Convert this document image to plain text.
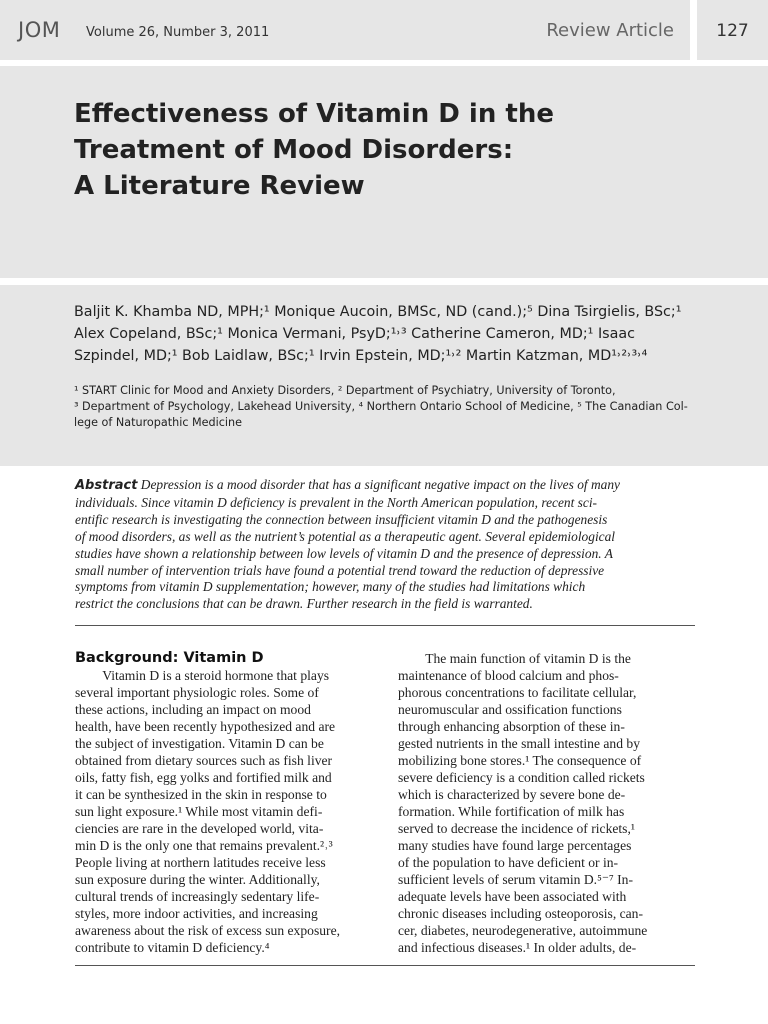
JOM Volume 26, Number 3, 2011	Review Article	127
Effectiveness of Vitamin D in the
Treatment of Mood Disorders:
A Literature Review
Baljit K. Khamba ND, MPH;¹ Monique Aucoin, BMSc, ND (cand.);⁵ Dina Tsirgielis, BSc;¹
Alex Copeland, BSc;¹ Monica Vermani, PsyD;¹˒³ Catherine Cameron, MD;¹ Isaac
Szpindel, MD;¹ Bob Laidlaw, BSc;¹ Irvin Epstein, MD;¹˒² Martin Katzman, MD¹˒²˒³˒⁴
¹ START Clinic for Mood and Anxiety Disorders, ² Department of Psychiatry, University of Toronto,
³ Department of Psychology, Lakehead University, ⁴ Northern Ontario School of Medicine, ⁵ The Canadian Col-
lege of Naturopathic Medicine
Abstract Depression is a mood disorder that has a significant negative impact on the lives of many
individuals. Since vitamin D deficiency is prevalent in the North American population, recent sci-
entific research is investigating the connection between insufficient vitamin D and the pathogenesis
of mood disorders, as well as the nutrient’s potential as a therapeutic agent. Several epidemiological
studies have shown a relationship between low levels of vitamin D and the presence of depression. A
small number of intervention trials have found a potential trend toward the reduction of depressive
symptoms from vitamin D supplementation; however, many of the studies had limitations which
restrict the conclusions that can be drawn. Further research in the field is warranted.
Background: Vitamin D
  Vitamin D is a steroid hormone that plays
several important physiologic roles. Some of
these actions, including an impact on mood
health, have been recently hypothesized and are
the subject of investigation. Vitamin D can be
obtained from dietary sources such as fish liver
oils, fatty fish, egg yolks and fortified milk and
it can be synthesized in the skin in response to
sun light exposure.¹ While most vitamin defi-
ciencies are rare in the developed world, vita-
min D is the only one that remains prevalent.²˒³
People living at northern latitudes receive less
sun exposure during the winter. Additionally,
cultural trends of increasingly sedentary life-
styles, more indoor activities, and increasing
awareness about the risk of excess sun exposure,
contribute to vitamin D deficiency.⁴
  The main function of vitamin D is the
maintenance of blood calcium and phos-
phorous concentrations to facilitate cellular,
neuromuscular and ossification functions
through enhancing absorption of these in-
gested nutrients in the small intestine and by
mobilizing bone stores.¹ The consequence of
severe deficiency is a condition called rickets
which is characterized by severe bone de-
formation. While fortification of milk has
served to decrease the incidence of rickets,¹
many studies have found large percentages
of the population to have deficient or in-
sufficient levels of serum vitamin D.⁵⁻⁷ In-
adequate levels have been associated with
chronic diseases including osteoporosis, can-
cer, diabetes, neurodegenerative, autoimmune
and infectious diseases.¹ In older adults, de-
